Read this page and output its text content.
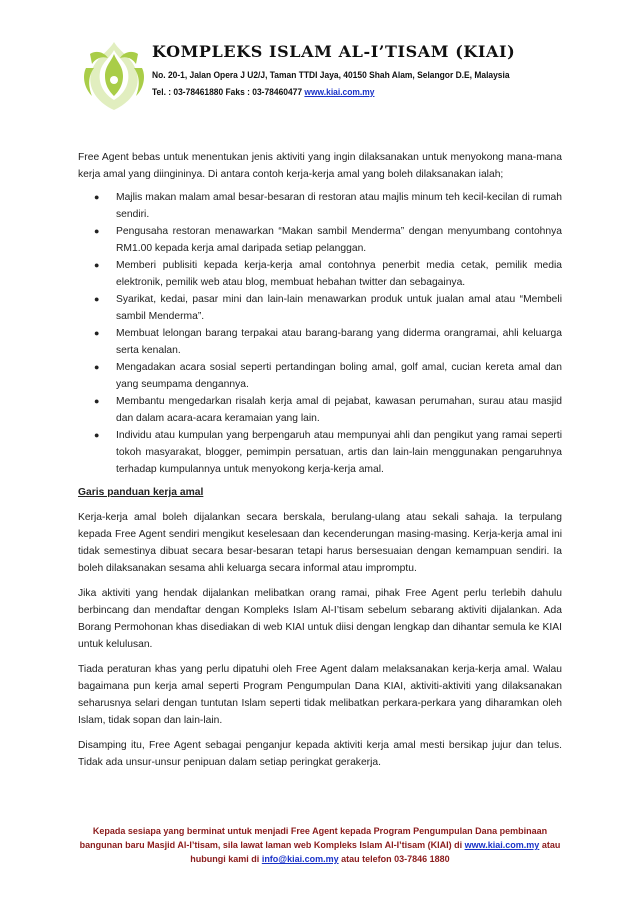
KOMPLEKS ISLAM AL-I’TISAM (KIAI)
No. 20-1, Jalan Opera J U2/J, Taman TTDI Jaya, 40150 Shah Alam, Selangor D.E, Malaysia
Tel. : 03-78461880 Faks : 03-78460477 www.kiai.com.my

Free Agent bebas untuk menentukan jenis aktiviti yang ingin dilaksanakan untuk menyokong mana-mana kerja amal yang diingininya. Di antara contoh kerja-kerja amal yang boleh dilaksanakan ialah;

● Majlis makan malam amal besar-besaran di restoran atau majlis minum teh kecil-kecilan di rumah sendiri.
● Pengusaha restoran menawarkan “Makan sambil Menderma” dengan menyumbang contohnya RM1.00 kepada kerja amal daripada setiap pelanggan.
● Memberi publisiti kepada kerja-kerja amal contohnya penerbit media cetak, pemilik media elektronik, pemilik web atau blog, membuat hebahan twitter dan sebagainya.
● Syarikat, kedai, pasar mini dan lain-lain menawarkan produk untuk jualan amal atau “Membeli sambil Menderma”.
● Membuat lelongan barang terpakai atau barang-barang yang diderma orangramai, ahli keluarga serta kenalan.
● Mengadakan acara sosial seperti pertandingan boling amal, golf amal, cucian kereta amal dan yang seumpama dengannya.
● Membantu mengedarkan risalah kerja amal di pejabat, kawasan perumahan, surau atau masjid dan dalam acara-acara keramaian yang lain.
● Individu atau kumpulan yang berpengaruh atau mempunyai ahli dan pengikut yang ramai seperti tokoh masyarakat, blogger, pemimpin persatuan, artis dan lain-lain menggunakan pengaruhnya terhadap kumpulannya untuk menyokong kerja-kerja amal.

Garis panduan kerja amal

Kerja-kerja amal boleh dijalankan secara berskala, berulang-ulang atau sekali sahaja. Ia terpulang kepada Free Agent sendiri mengikut keselesaan dan kecenderungan masing-masing. Kerja-kerja amal ini tidak semestinya dibuat secara besar-besaran tetapi harus bersesuaian dengan kemampuan sendiri. Ia boleh dilaksanakan sesama ahli keluarga secara informal atau impromptu.

Jika aktiviti yang hendak dijalankan melibatkan orang ramai, pihak Free Agent perlu terlebih dahulu berbincang dan mendaftar dengan Kompleks Islam Al-I’tisam sebelum sebarang aktiviti dijalankan. Ada Borang Permohonan khas disediakan di web KIAI untuk diisi dengan lengkap dan dihantar semula ke KIAI untuk kelulusan.

Tiada peraturan khas yang perlu dipatuhi oleh Free Agent dalam melaksanakan kerja-kerja amal. Walau bagaimana pun kerja amal seperti Program Pengumpulan Dana KIAI, aktiviti-aktiviti yang dilaksanakan seharusnya selari dengan tuntutan Islam seperti tidak melibatkan perkara-perkara yang diharamkan oleh Islam, tidak sopan dan lain-lain.

Disamping itu, Free Agent sebagai penganjur kepada aktiviti kerja amal mesti bersikap jujur dan telus. Tidak ada unsur-unsur penipuan dalam setiap peringkat gerakerja.

Kepada sesiapa yang berminat untuk menjadi Free Agent kepada Program Pengumpulan Dana pembinaan bangunan baru Masjid Al-I’tisam, sila lawat laman web Kompleks Islam Al-I’tisam (KIAI) di www.kiai.com.my atau hubungi kami di info@kiai.com.my atau telefon 03-7846 1880
